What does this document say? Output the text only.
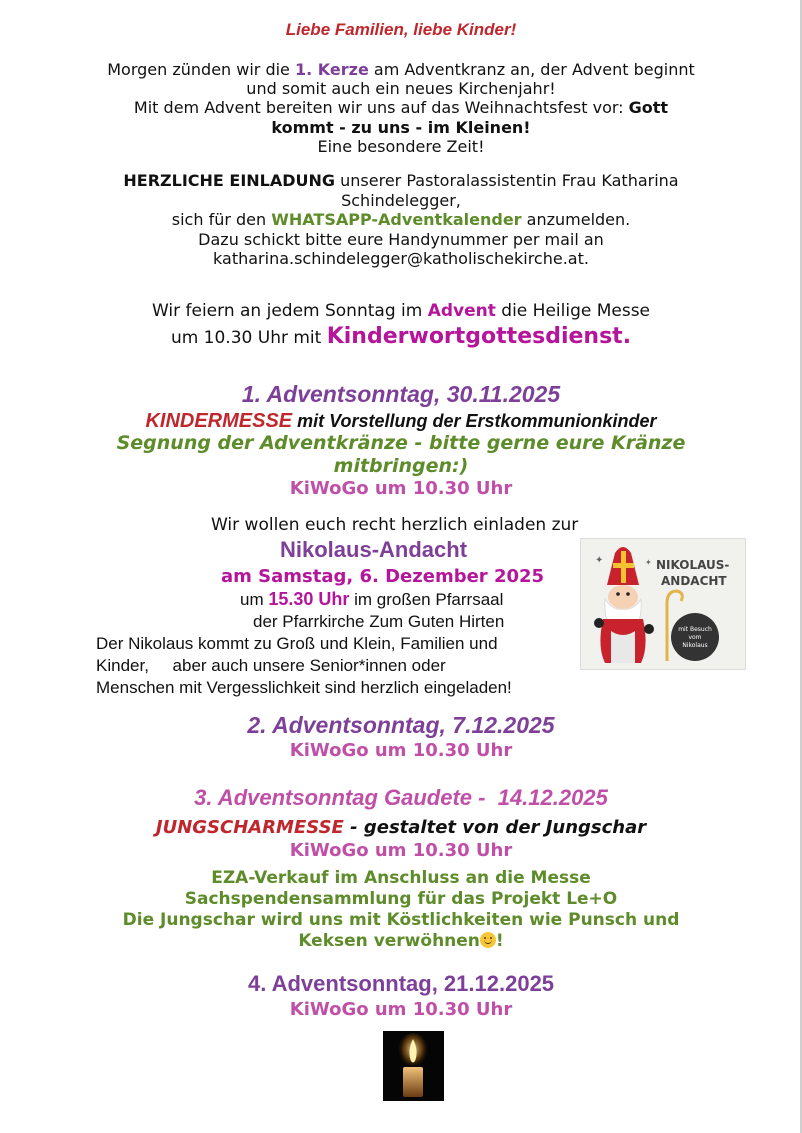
Liebe Familien, liebe Kinder!
Morgen zünden wir die 1. Kerze am Adventkranz an, der Advent beginnt
und somit auch ein neues Kirchenjahr!
Mit dem Advent bereiten wir uns auf das Weihnachtsfest vor: Gott
kommt - zu uns - im Kleinen!
Eine besondere Zeit!
HERZLICHE EINLADUNG unserer Pastoralassistentin Frau Katharina
Schindelegger,
sich für den WHATSAPP-Adventkalender anzumelden.
Dazu schickt bitte eure Handynummer per mail an
katharina.schindelegger@katholischekirche.at.
Wir feiern an jedem Sonntag im Advent die Heilige Messe
um 10.30 Uhr mit Kinderwortgottesdienst.
1. Adventsonntag, 30.11.2025
KINDERMESSE mit Vorstellung der Erstkommunionkinder
Segnung der Adventkränze - bitte gerne eure Kränze
mitbringen:)
KiWoGo um 10.30 Uhr
Wir wollen euch recht herzlich einladen zur
Nikolaus-Andacht
am Samstag, 6. Dezember 2025
um 15.30 Uhr im großen Pfarrsaal
der Pfarrkirche Zum Guten Hirten
Der Nikolaus kommt zu Groß und Klein, Familien und
Kinder,     aber auch unsere Senior*innen oder
Menschen mit Vergesslichkeit sind herzlich eingeladen!
✦	✦ NIKOLAUS-
ANDACHT
mit Besuch
vom
Nikolaus
2. Adventsonntag, 7.12.2025
KiWoGo um 10.30 Uhr
3. Adventsonntag Gaudete -  14.12.2025
JUNGSCHARMESSE - gestaltet von der Jungschar
KiWoGo um 10.30 Uhr
EZA-Verkauf im Anschluss an die Messe
Sachspendensammlung für das Projekt Le+O
Die Jungschar wird uns mit Köstlichkeiten wie Punsch und
Keksen verwöhnen !
4. Adventsonntag, 21.12.2025
KiWoGo um 10.30 Uhr
